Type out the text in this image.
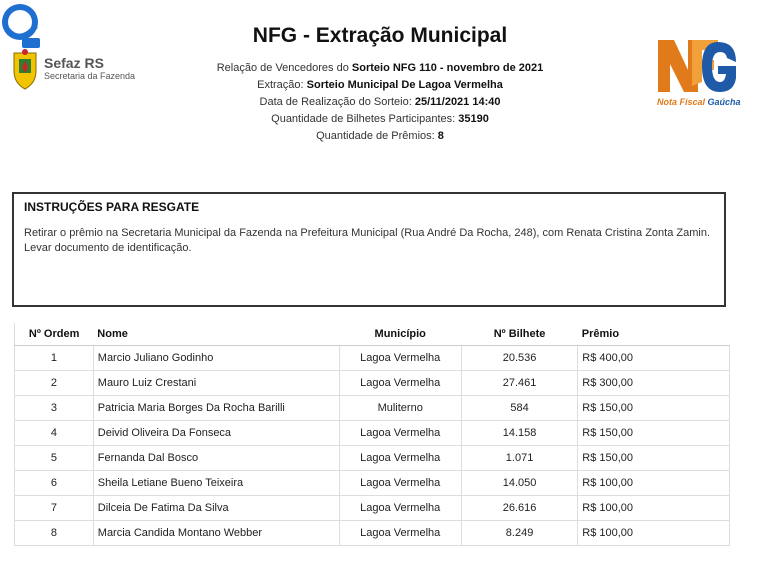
Sefaz RS
Secretaria da Fazenda
NFG - Extração Municipal
Relação de Vencedores do Sorteio NFG 110 - novembro de 2021
Extração: Sorteio Municipal De Lagoa Vermelha
Data de Realização do Sorteio: 25/11/2021 14:40
Quantidade de Bilhetes Participantes: 35190
Quantidade de Prêmios: 8
Nota Fiscal Gaúcha
INSTRUÇÕES PARA RESGATE

Retirar o prêmio na Secretaria Municipal da Fazenda na Prefeitura Municipal (Rua André Da Rocha, 248), com Renata Cristina Zonta Zamin. Levar documento de identificação.

Nº Ordem	Nome	Município	Nº Bilhete	Prêmio
1	Marcio Juliano Godinho	Lagoa Vermelha	20.536	R$ 400,00
2	Mauro Luiz Crestani	Lagoa Vermelha	27.461	R$ 300,00
3	Patricia Maria Borges Da Rocha Barilli	Muliterno	584	R$ 150,00
4	Deivid Oliveira Da Fonseca	Lagoa Vermelha	14.158	R$ 150,00
5	Fernanda Dal Bosco	Lagoa Vermelha	1.071	R$ 150,00
6	Sheila Letiane Bueno Teixeira	Lagoa Vermelha	14.050	R$ 100,00
7	Dilceia De Fatima Da Silva	Lagoa Vermelha	26.616	R$ 100,00
8	Marcia Candida Montano Webber	Lagoa Vermelha	8.249	R$ 100,00
